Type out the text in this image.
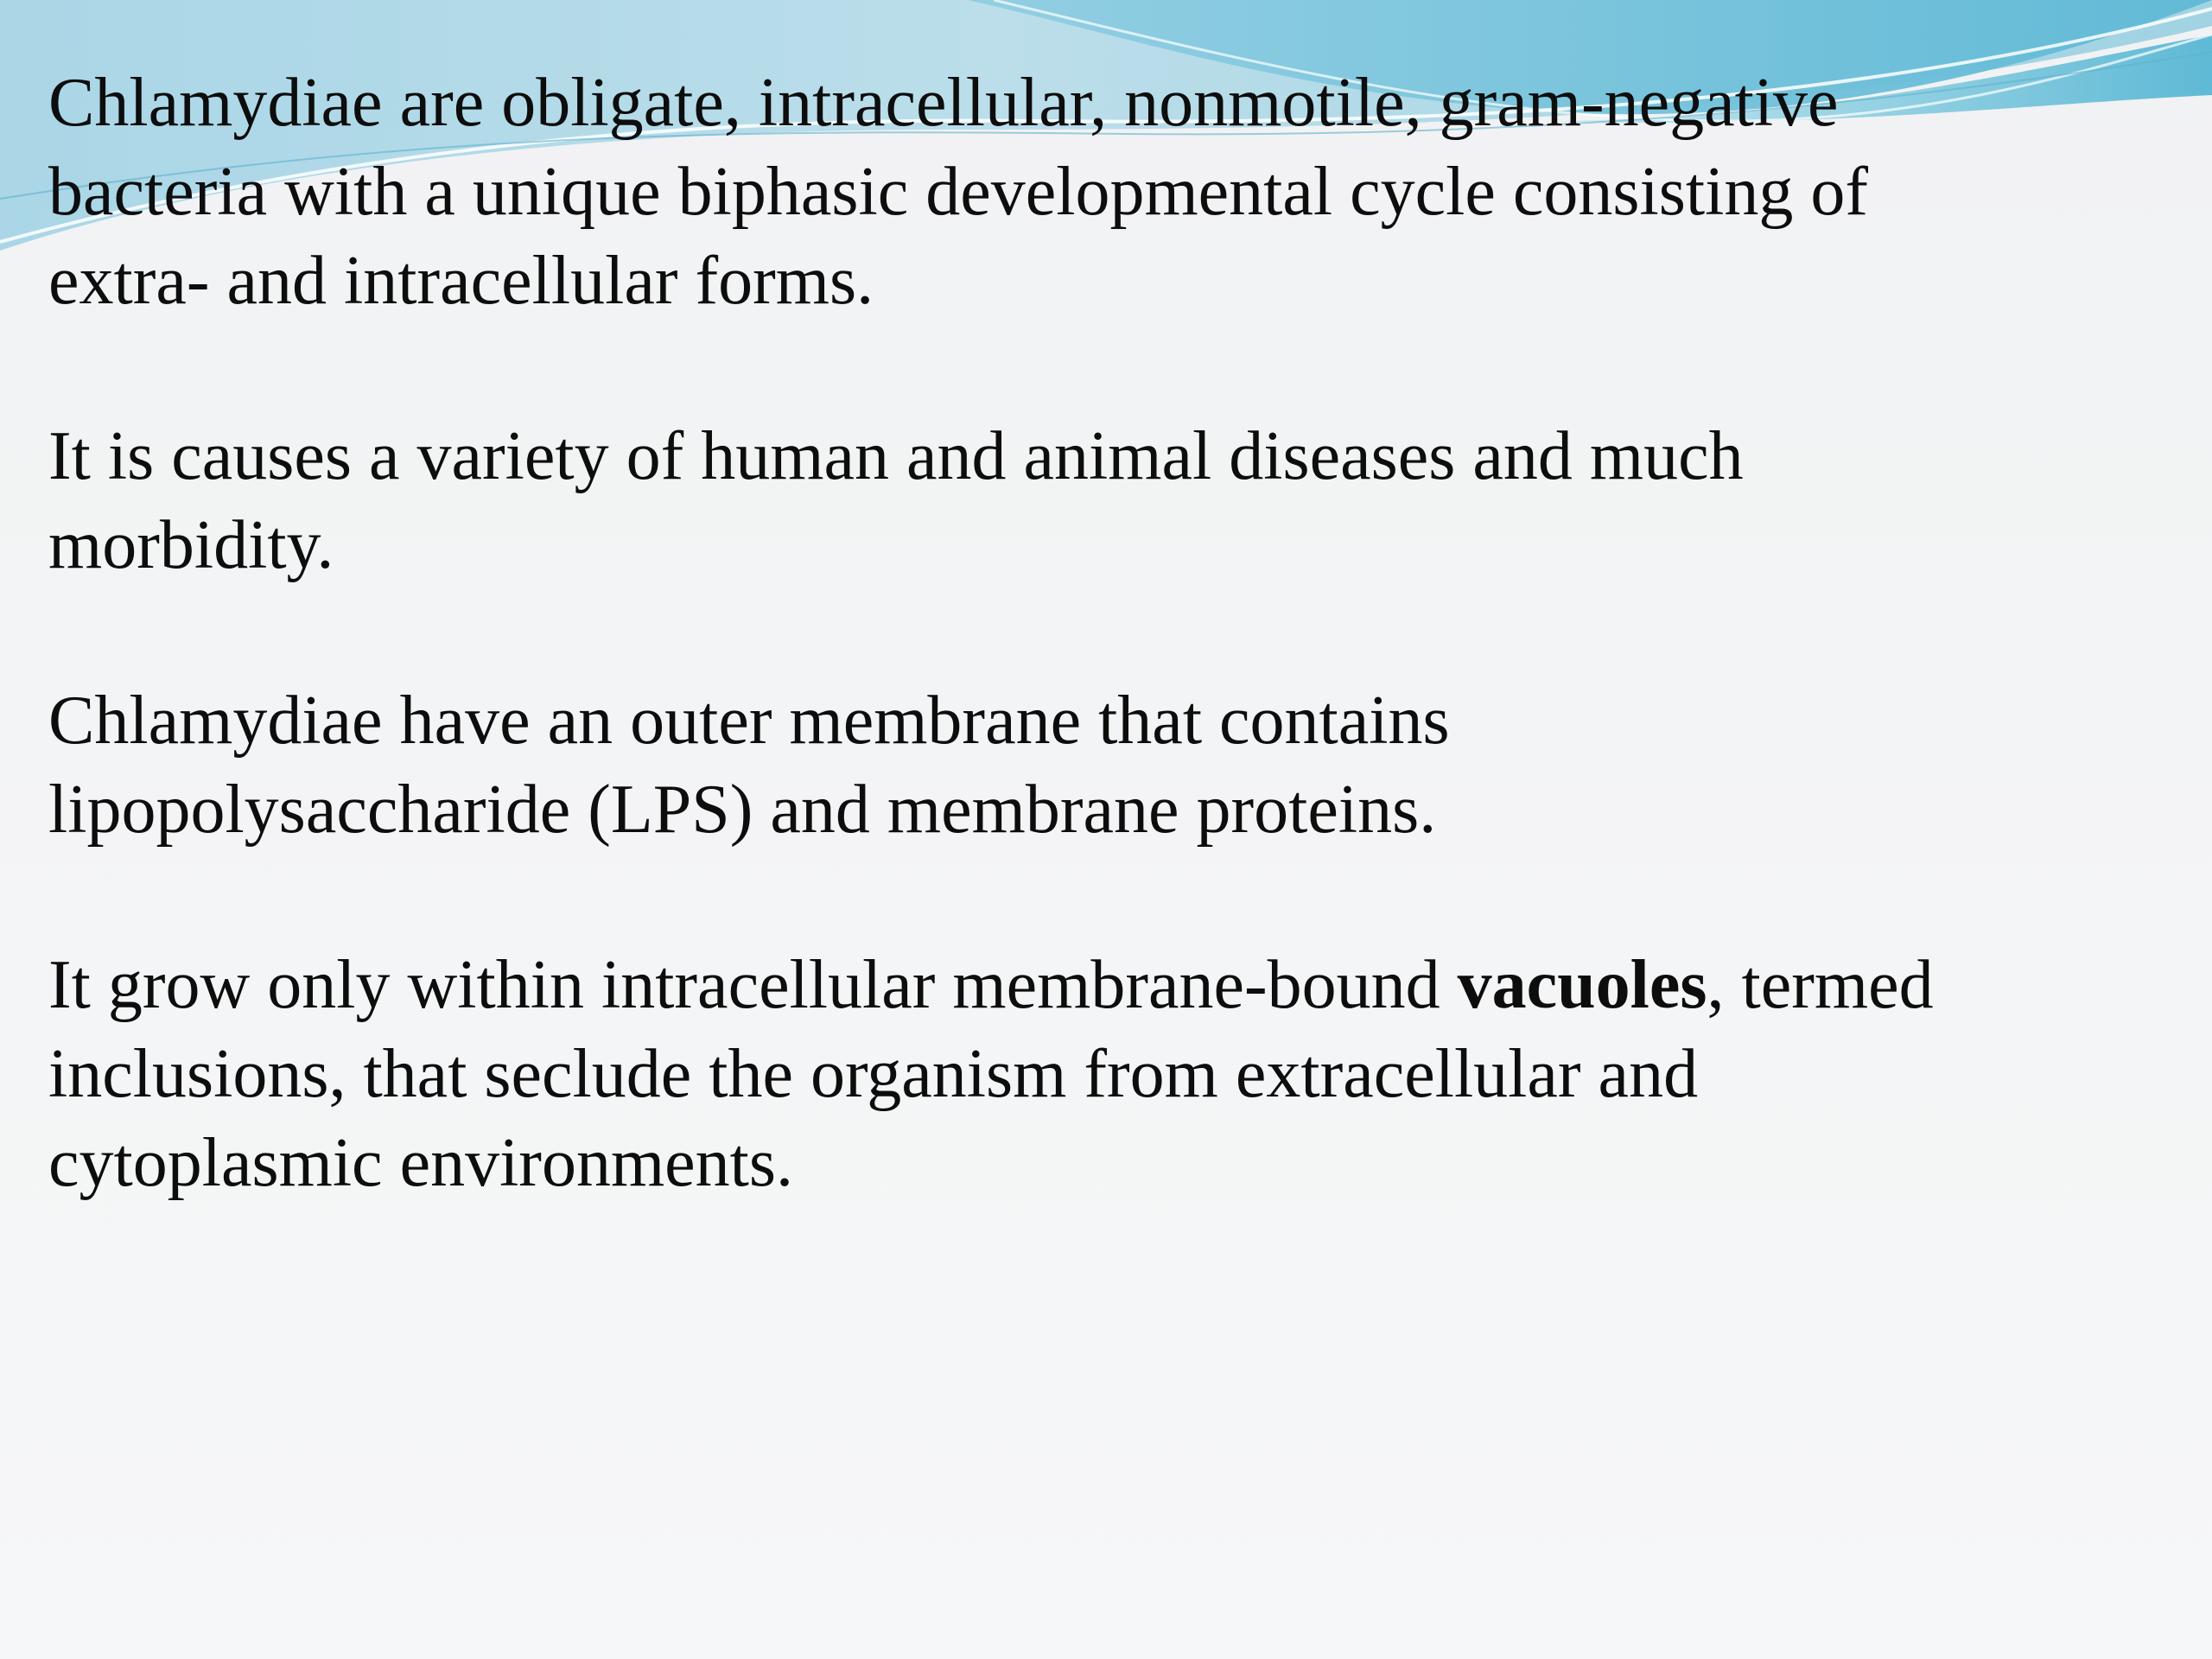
Chlamydiae are obligate, intracellular, nonmotile, gram-negative
bacteria with a unique biphasic developmental cycle consisting of
extra- and intracellular forms.

It is causes a variety of human and animal diseases and much
morbidity.

Chlamydiae have an outer membrane that contains
lipopolysaccharide (LPS) and membrane proteins.

It grow only within intracellular membrane-bound vacuoles, termed
inclusions, that seclude the organism from extracellular and
cytoplasmic environments.
